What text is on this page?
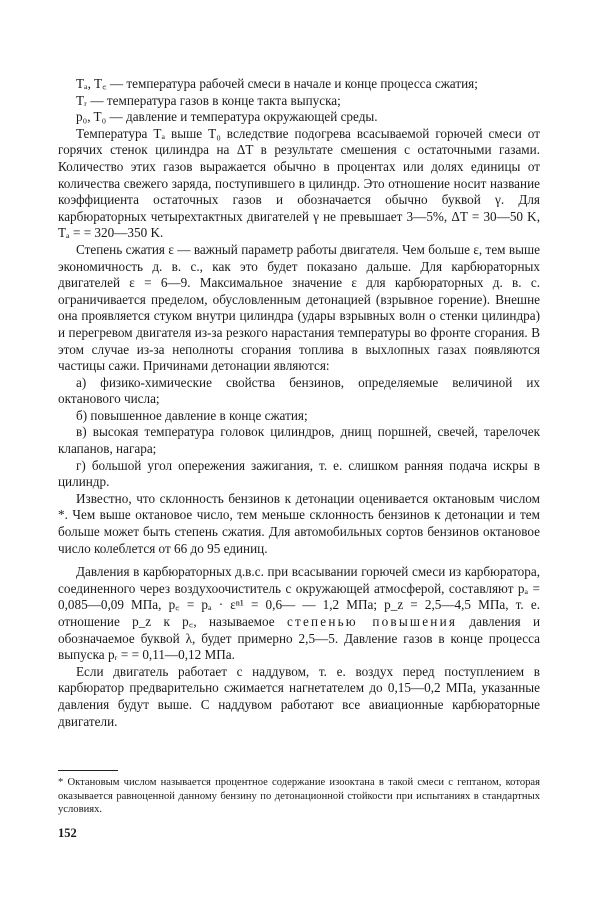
Tₐ, T꜀ — температура рабочей смеси в начале и конце процесса сжатия;

Tᵣ — температура газов в конце такта выпуска;

p₀, T₀ — давление и температура окружающей среды.

Температура Tₐ выше T₀ вследствие подогрева всасываемой горючей смеси от горячих стенок цилиндра на ΔT в результате смешения с остаточными газами. Количество этих газов выражается обычно в процентах или долях единицы от количества свежего заряда, поступившего в цилиндр. Это отношение носит название коэффициента остаточных газов и обозначается обычно буквой γ. Для карбюраторных четырехтактных двигателей γ не превышает 3—5%, ΔT = 30—50 K, Tₐ = = 320—350 K.

Степень сжатия ε — важный параметр работы двигателя. Чем больше ε, тем выше экономичность д. в. с., как это будет показано дальше. Для карбюраторных двигателей ε = 6—9. Максимальное значение ε для карбюраторных д. в. с. ограничивается пределом, обусловленным детонацией (взрывное горение). Внешне она проявляется стуком внутри цилиндра (удары взрывных волн о стенки цилиндра) и перегревом двигателя из-за резкого нарастания температуры во фронте сгорания. В этом случае из-за неполноты сгорания топлива в выхлопных газах появляются частицы сажи. Причинами детонации являются:

а) физико-химические свойства бензинов, определяемые величиной их октанового числа;

б) повышенное давление в конце сжатия;

в) высокая температура головок цилиндров, днищ поршней, свечей, тарелочек клапанов, нагара;

г) большой угол опережения зажигания, т. е. слишком ранняя подача искры в цилиндр.

Известно, что склонность бензинов к детонации оценивается октановым числом *. Чем выше октановое число, тем меньше склонность бензинов к детонации и тем больше может быть степень сжатия. Для автомобильных сортов бензинов октановое число колеблется от 66 до 95 единиц.

Давления в карбюраторных д.в.с. при всасывании горючей смеси из карбюратора, соединенного через воздухоочиститель с окружающей атмосферой, составляют pₐ = 0,085—0,09 МПа, p꜀ = pₐ · εⁿ¹ = 0,6— — 1,2 МПа; p_z = 2,5—4,5 МПа, т. е. отношение p_z к p꜀, называемое степенью повышения давления и обозначаемое буквой λ, будет примерно 2,5—5. Давление газов в конце процесса выпуска pᵣ = = 0,11—0,12 МПа.

Если двигатель работает с наддувом, т. е. воздух перед поступлением в карбюратор предварительно сжимается нагнетателем до 0,15—0,2 МПа, указанные давления будут выше. С наддувом работают все авиационные карбюраторные двигатели.

* Октановым числом называется процентное содержание изооктана в такой смеси с гептаном, которая оказывается равноценной данному бензину по детонационной стойкости при испытаниях в стандартных условиях.

152
